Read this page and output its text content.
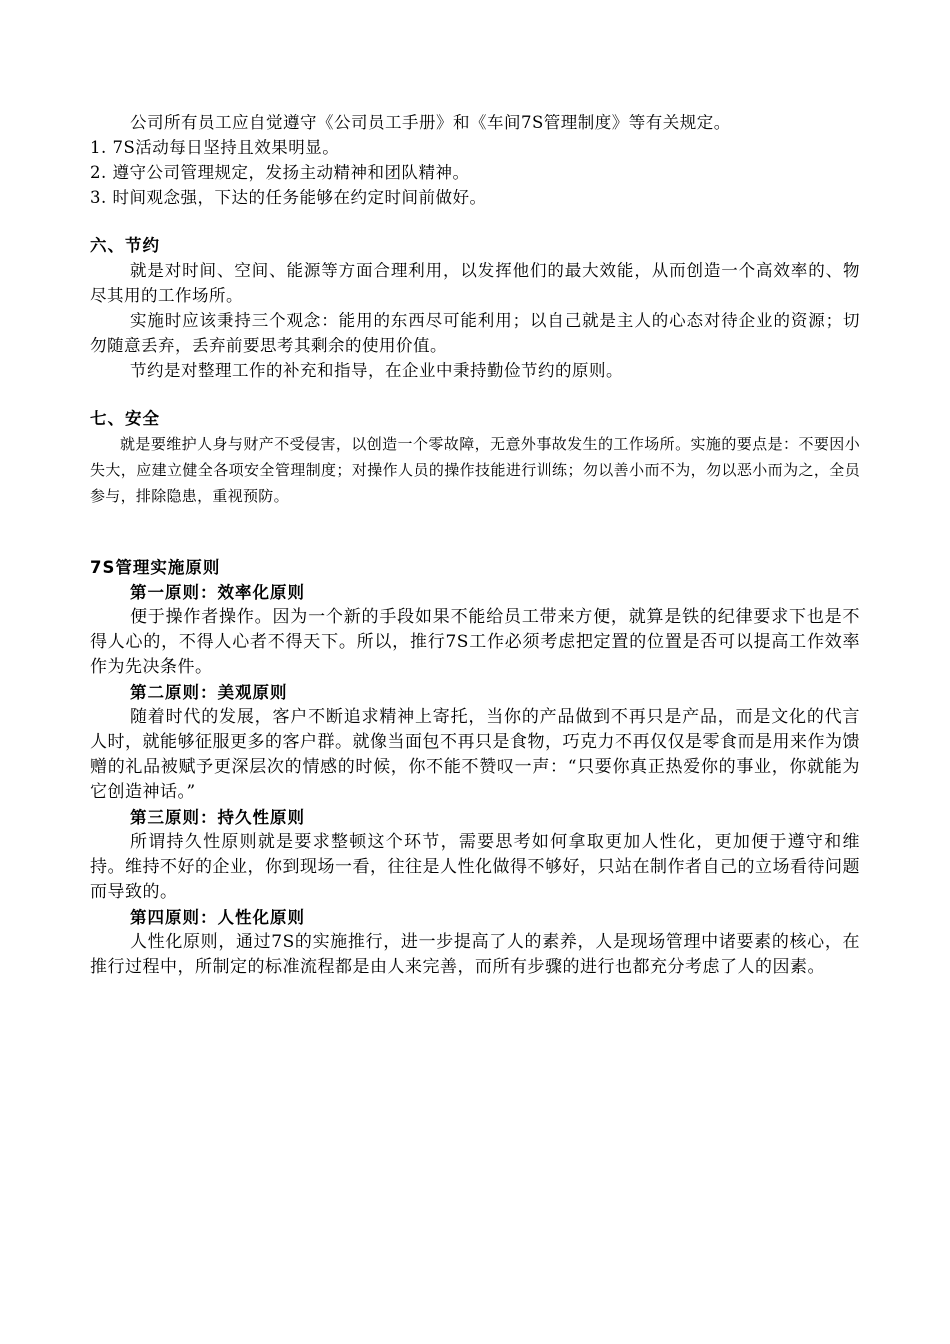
公司所有员工应自觉遵守《公司员工手册》和《车间7S管理制度》等有关规定。

1. 7S活动每日坚持且效果明显。

2. 遵守公司管理规定，发扬主动精神和团队精神。

3. 时间观念强，下达的任务能够在约定时间前做好。

六、节约

就是对时间、空间、能源等方面合理利用，以发挥他们的最大效能，从而创造一个高效率的、物尽其用的工作场所。

实施时应该秉持三个观念：能用的东西尽可能利用；以自己就是主人的心态对待企业的资源；切勿随意丢弃，丢弃前要思考其剩余的使用价值。

节约是对整理工作的补充和指导，在企业中秉持勤俭节约的原则。

七、安全

就是要维护人身与财产不受侵害，以创造一个零故障，无意外事故发生的工作场所。实施的要点是：不要因小失大，应建立健全各项安全管理制度；对操作人员的操作技能进行训练；勿以善小而不为，勿以恶小而为之，全员参与，排除隐患，重视预防。

7S管理实施原则
第一原则：效率化原则

便于操作者操作。因为一个新的手段如果不能给员工带来方便，就算是铁的纪律要求下也是不得人心的，不得人心者不得天下。所以，推行7S工作必须考虑把定置的位置是否可以提高工作效率作为先决条件。

第二原则：美观原则

随着时代的发展，客户不断追求精神上寄托，当你的产品做到不再只是产品，而是文化的代言人时，就能够征服更多的客户群。就像当面包不再只是食物，巧克力不再仅仅是零食而是用来作为馈赠的礼品被赋予更深层次的情感的时候，你不能不赞叹一声：“只要你真正热爱你的事业，你就能为它创造神话。”

第三原则：持久性原则

所谓持久性原则就是要求整顿这个环节，需要思考如何拿取更加人性化，更加便于遵守和维持。维持不好的企业，你到现场一看，往往是人性化做得不够好，只站在制作者自己的立场看待问题而导致的。

第四原则：人性化原则

人性化原则，通过7S的实施推行，进一步提高了人的素养，人是现场管理中诸要素的核心，在推行过程中，所制定的标准流程都是由人来完善，而所有步骤的进行也都充分考虑了人的因素。
